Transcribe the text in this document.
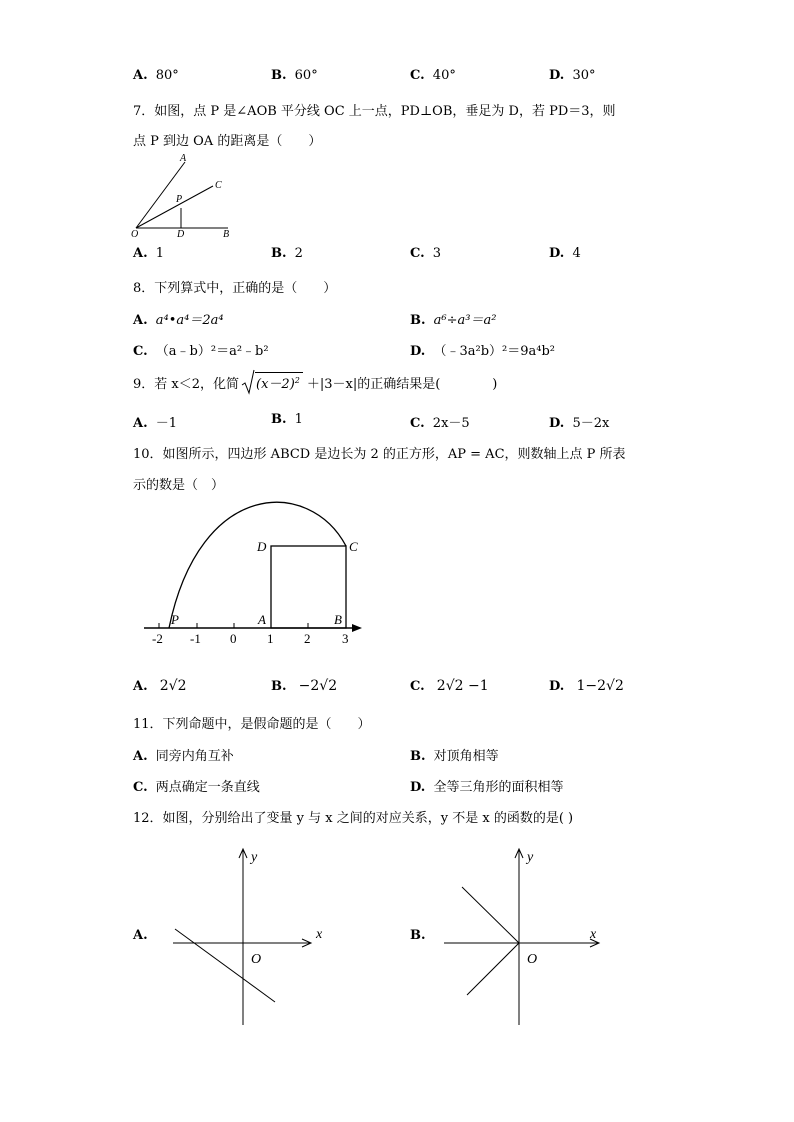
A. 80°	B. 60°	C. 40°	D. 30°
7．如图，点 P 是∠AOB 平分线 OC 上一点，PD⊥OB，垂足为 D，若 PD＝3，则
点 P 到边 OA 的距离是（　　）
A
C
P
O	D	B
A. 1	B. 2	C. 3	D. 4
8．下列算式中，正确的是（　　）
A. a⁴•a⁴＝2a⁴	B. a⁶÷a³＝a²
C. （a﹣b）²＝a²﹣b²	D. （﹣3a²b）²＝9a⁴b²
9．若 x＜2，化简 $(x-2)^2 +|3-x|$的正确结果是(　　　　)
A. －1	B. 1	C. 2x－5	D. 5－2x
10．如图所示，四边形 ABCD 是边长为 2 的正方形，AP = AC，则数轴上点 P 所表
示的数是（　）
D	C
P	A	B
-2 -1 0 1 2 3
A. 2√2	B. −2√2	C. 2√2 −1	D. 1−2√2
11．下列命题中，是假命题的是（　　）
A. 同旁内角互补	B. 对顶角相等
C. 两点确定一条直线	D. 全等三角形的面积相等
12．如图，分别给出了变量 y 与 x 之间的对应关系，y 不是 x 的函数的是( )
A.	x
y
O
B.	x
y
O
